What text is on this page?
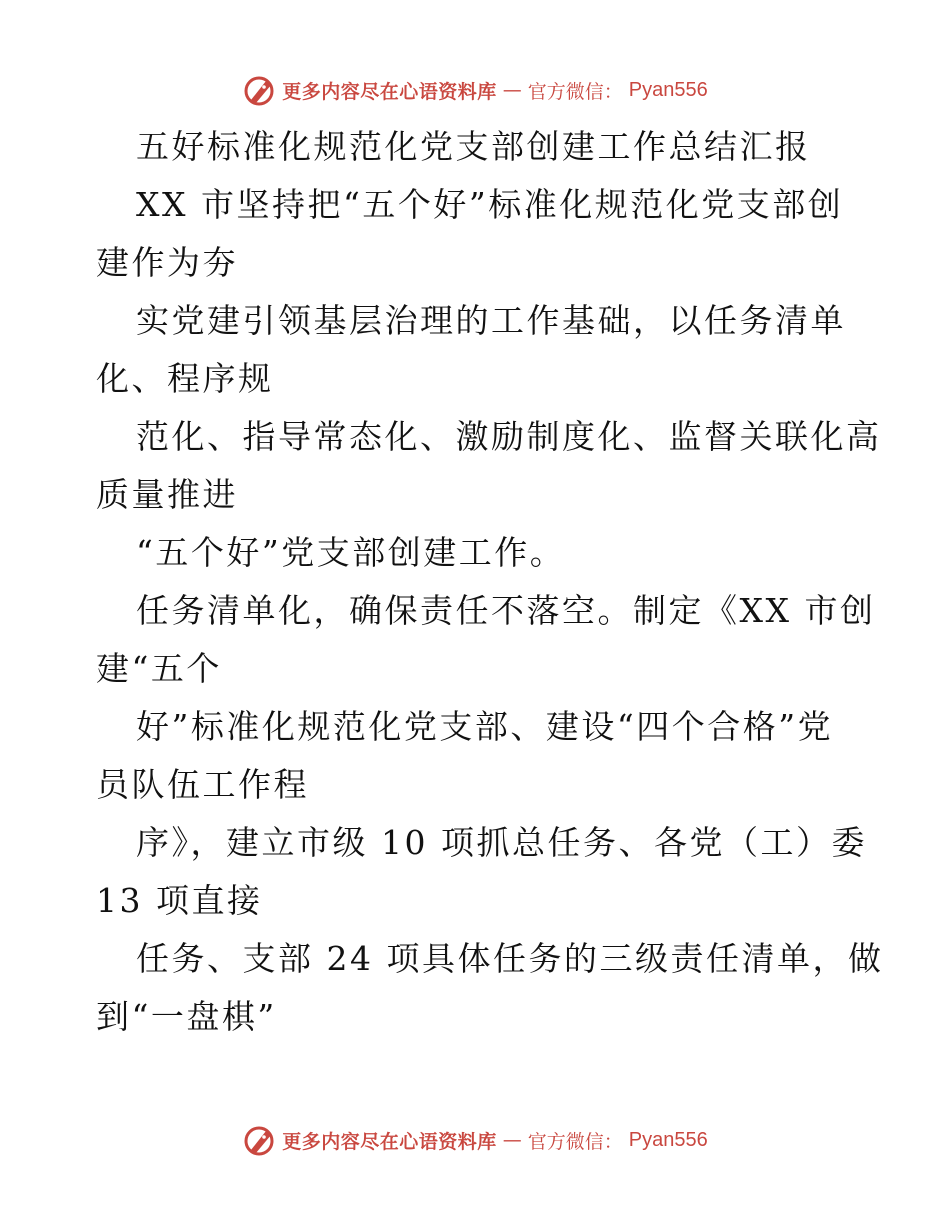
更多内容尽在心语资料库 — 官方微信： Pyan556
五好标准化规范化党支部创建工作总结汇报
XX 市坚持把“五个好”标准化规范化党支部创
建作为夯
实党建引领基层治理的工作基础，以任务清单
化、程序规
范化、指导常态化、激励制度化、监督关联化高
质量推进
“五个好”党支部创建工作。
任务清单化，确保责任不落空。制定《XX 市创
建“五个
好”标准化规范化党支部、建设“四个合格”党
员队伍工作程
序》，建立市级 10 项抓总任务、各党（工）委
13 项直接
任务、支部 24 项具体任务的三级责任清单，做
到“一盘棋”
更多内容尽在心语资料库 — 官方微信： Pyan556
